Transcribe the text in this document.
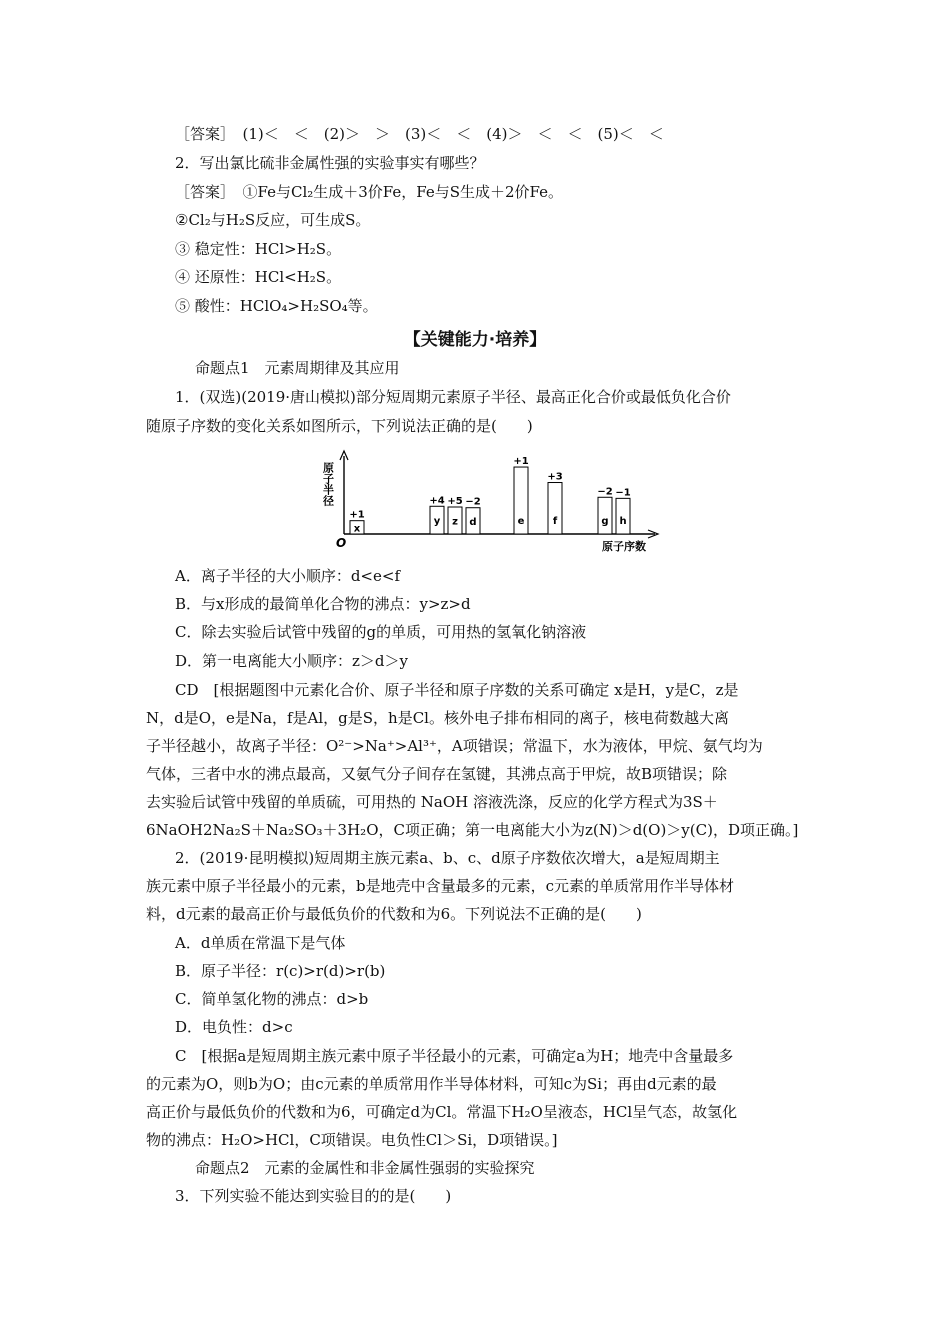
［答案］　(1)＜　＜　(2)＞　＞　(3)＜　＜　(4)＞　＜　＜　(5)＜　＜
2．写出氯比硫非金属性强的实验事实有哪些？
［答案］　①Fe与Cl₂生成＋3价Fe，Fe与S生成＋2价Fe。
②Cl₂与H₂S反应，可生成S。
③ 稳定性：HCl>H₂S。
④ 还原性：HCl<H₂S。
⑤ 酸性：HClO₄>H₂SO₄等。
【关键能力·培养】
命题点1　元素周期律及其应用
1．(双选)(2019·唐山模拟)部分短周期元素原子半径、最高正化合价或最低负化合价
随原子序数的变化关系如图所示，下列说法正确的是(　　)
原子半径
O	原子序数
x
+1
y
+4
z
+5
d
−2
e
+1
f
+3
g
−2
h
−1
A．离子半径的大小顺序：d<e<f
B．与x形成的最简单化合物的沸点：y>z>d
C．除去实验后试管中残留的g的单质，可用热的氢氧化钠溶液
D．第一电离能大小顺序：z＞d＞y
CD　[根据题图中元素化合价、原子半径和原子序数的关系可确定 x是H，y是C，z是
N，d是O，e是Na，f是Al，g是S，h是Cl。核外电子排布相同的离子，核电荷数越大离
子半径越小，故离子半径：O²⁻>Na⁺>Al³⁺，A项错误；常温下，水为液体，甲烷、氨气均为
气体，三者中水的沸点最高，又氨气分子间存在氢键，其沸点高于甲烷，故B项错误；除
去实验后试管中残留的单质硫，可用热的 NaOH 溶液洗涤，反应的化学方程式为3S＋
6NaOH2Na₂S＋Na₂SO₃＋3H₂O，C项正确；第一电离能大小为z(N)＞d(O)＞y(C)，D项正确。]
2．(2019·昆明模拟)短周期主族元素a、b、c、d原子序数依次增大，a是短周期主
族元素中原子半径最小的元素，b是地壳中含量最多的元素，c元素的单质常用作半导体材
料，d元素的最高正价与最低负价的代数和为6。下列说法不正确的是(　　)
A．d单质在常温下是气体
B．原子半径：r(c)>r(d)>r(b)
C．简单氢化物的沸点：d>b
D．电负性：d>c
C　[根据a是短周期主族元素中原子半径最小的元素，可确定a为H；地壳中含量最多
的元素为O，则b为O；由c元素的单质常用作半导体材料，可知c为Si；再由d元素的最
高正价与最低负价的代数和为6，可确定d为Cl。常温下H₂O呈液态，HCl呈气态，故氢化
物的沸点：H₂O>HCl，C项错误。电负性Cl＞Si，D项错误。]
命题点2　元素的金属性和非金属性强弱的实验探究
3．下列实验不能达到实验目的的是(　　)
